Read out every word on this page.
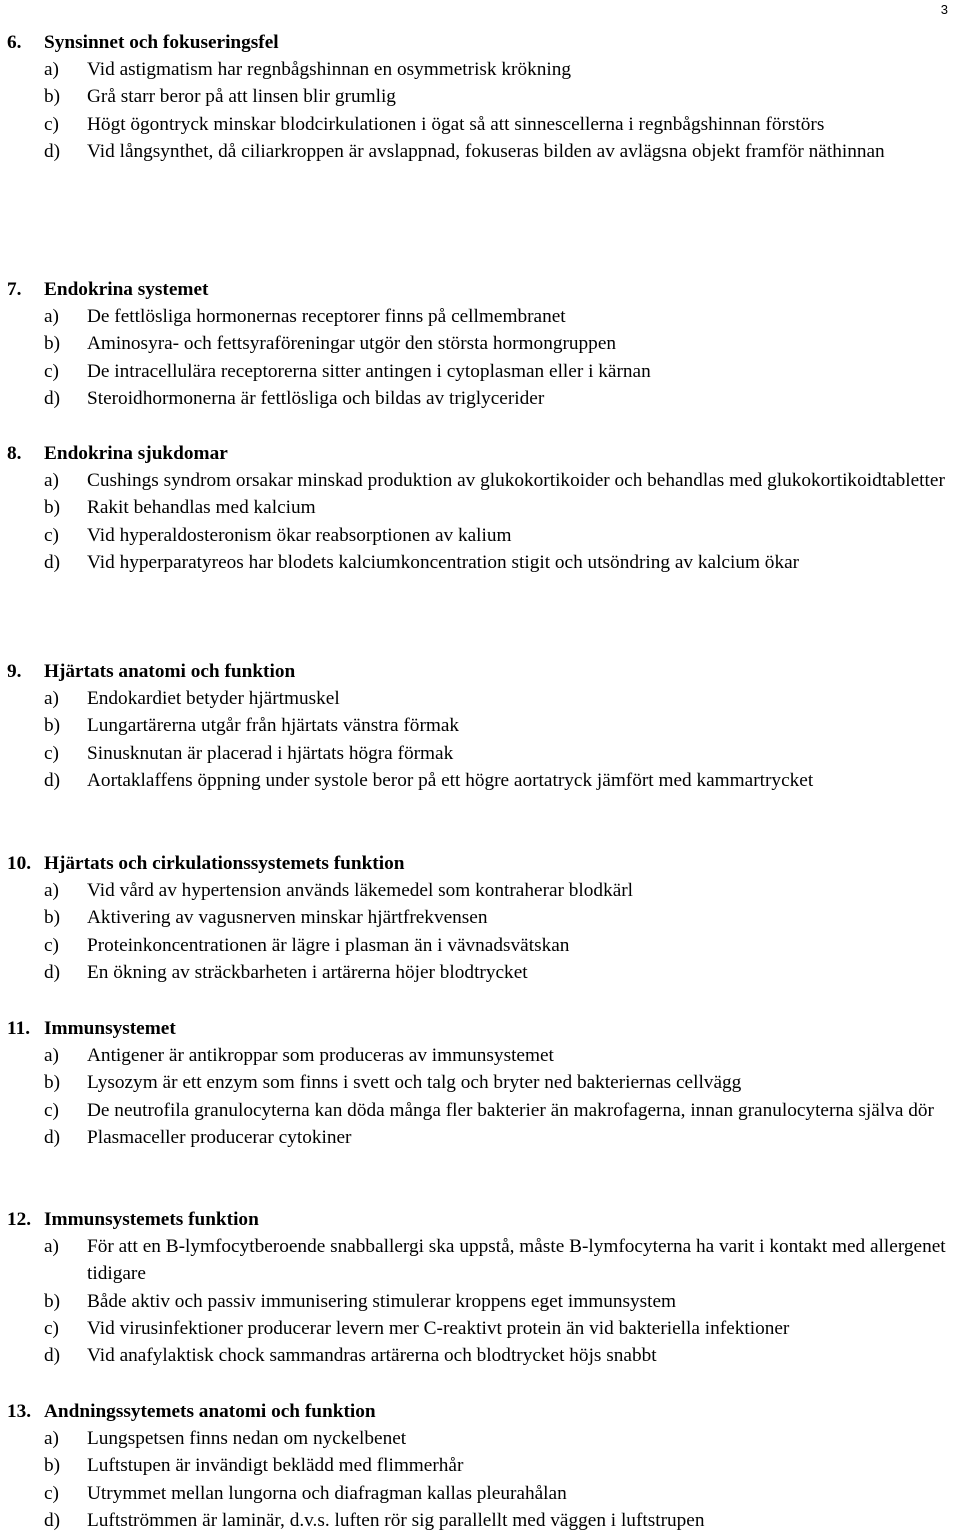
3
6. Synsinnet och fokuseringsfel
a) Vid astigmatism har regnbågshinnan en osymmetrisk krökning
b) Grå starr beror på att linsen blir grumlig
c) Högt ögontryck minskar blodcirkulationen i ögat så att sinnescellerna i regnbågshinnan förstörs
d) Vid långsynthet, då ciliarkroppen är avslappnad, fokuseras bilden av avlägsna objekt framför näthinnan
7. Endokrina systemet
a) De fettlösliga hormonernas receptorer finns på cellmembranet
b) Aminosyra- och fettsyraföreningar utgör den största hormongruppen
c) De intracellulära receptorerna sitter antingen i cytoplasman eller i kärnan
d) Steroidhormonerna är fettlösliga och bildas av triglycerider
8. Endokrina sjukdomar
a) Cushings syndrom orsakar minskad produktion av glukokortikoider och behandlas med glukokortikoidtabletter
b) Rakit behandlas med kalcium
c) Vid hyperaldosteronism ökar reabsorptionen av kalium
d) Vid hyperparatyreos har blodets kalciumkoncentration stigit och utsöndring av kalcium ökar
9. Hjärtats anatomi och funktion
a) Endokardiet betyder hjärtmuskel
b) Lungartärerna utgår från hjärtats vänstra förmak
c) Sinusknutan är placerad i hjärtats högra förmak
d) Aortaklaffens öppning under systole beror på ett högre aortatryck jämfört med kammartrycket
10. Hjärtats och cirkulationssystemets funktion
a) Vid vård av hypertension används läkemedel som kontraherar blodkärl
b) Aktivering av vagusnerven minskar hjärtfrekvensen
c) Proteinkoncentrationen är lägre i plasman än i vävnadsvätskan
d) En ökning av sträckbarheten i artärerna höjer blodtrycket
11. Immunsystemet
a) Antigener är antikroppar som produceras av immunsystemet
b) Lysozym är ett enzym som finns i svett och talg och bryter ned bakteriernas cellvägg
c) De neutrofila granulocyterna kan döda många fler bakterier än makrofagerna, innan granulocyterna själva dör
d) Plasmaceller producerar cytokiner
12. Immunsystemets funktion
a) För att en B-lymfocytberoende snabballergi ska uppstå, måste B-lymfocyterna ha varit i kontakt med allergenet tidigare
b) Både aktiv och passiv immunisering stimulerar kroppens eget immunsystem
c) Vid virusinfektioner producerar levern mer C-reaktivt protein än vid bakteriella infektioner
d) Vid anafylaktisk chock sammandras artärerna och blodtrycket höjs snabbt
13. Andningssytemets anatomi och funktion
a) Lungspetsen finns nedan om nyckelbenet
b) Luftstupen är invändigt beklädd med flimmerhår
c) Utrymmet mellan lungorna och diafragman kallas pleurahålan
d) Luftströmmen är laminär, d.v.s. luften rör sig parallellt med väggen i luftstrupen
